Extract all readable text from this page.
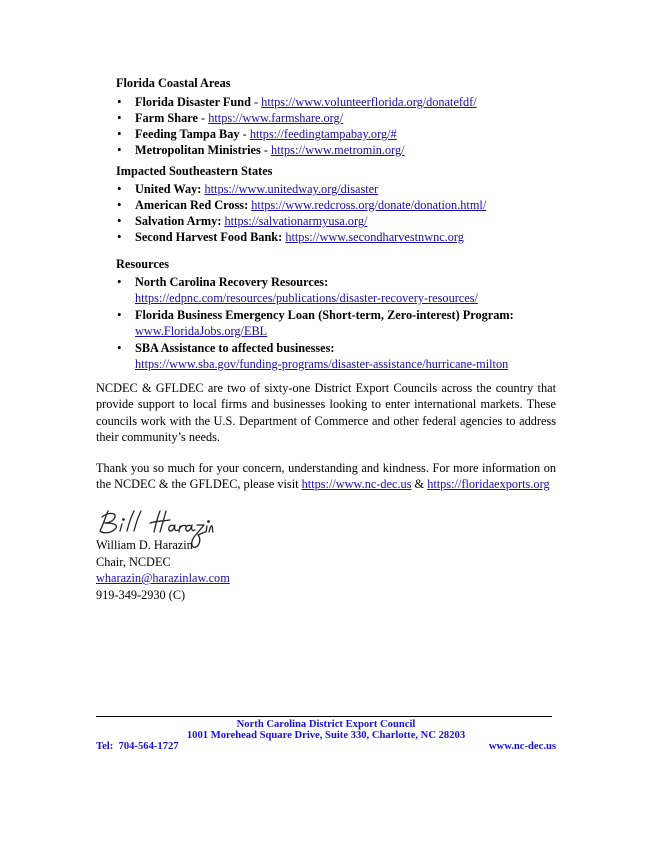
Florida Coastal Areas
• Florida Disaster Fund - https://www.volunteerflorida.org/donatefdf/
• Farm Share - https://www.farmshare.org/
• Feeding Tampa Bay - https://feedingtampabay.org/#
• Metropolitan Ministries - https://www.metromin.org/
Impacted Southeastern States
• United Way: https://www.unitedway.org/disaster
• American Red Cross: https://www.redcross.org/donate/donation.html/
• Salvation Army: https://salvationarmyusa.org/
• Second Harvest Food Bank: https://www.secondharvestnwnc.org
Resources
• North Carolina Recovery Resources:
https://edpnc.com/resources/publications/disaster-recovery-resources/
• Florida Business Emergency Loan (Short-term, Zero-interest) Program:
www.FloridaJobs.org/EBL
• SBA Assistance to affected businesses:
https://www.sba.gov/funding-programs/disaster-assistance/hurricane-milton
NCDEC & GFLDEC are two of sixty-one District Export Councils across the country that provide support to local firms and businesses looking to enter international markets. These councils work with the U.S. Department of Commerce and other federal agencies to address their community’s needs.
Thank you so much for your concern, understanding and kindness. For more information on the NCDEC & the GFLDEC, please visit https://www.nc-dec.us & https://floridaexports.org
William D. Harazin
Chair, NCDEC
wharazin@harazinlaw.com
919-349-2930 (C)
North Carolina District Export Council
1001 Morehead Square Drive, Suite 330, Charlotte, NC 28203
Tel:  704-564-1727	www.nc-dec.us
